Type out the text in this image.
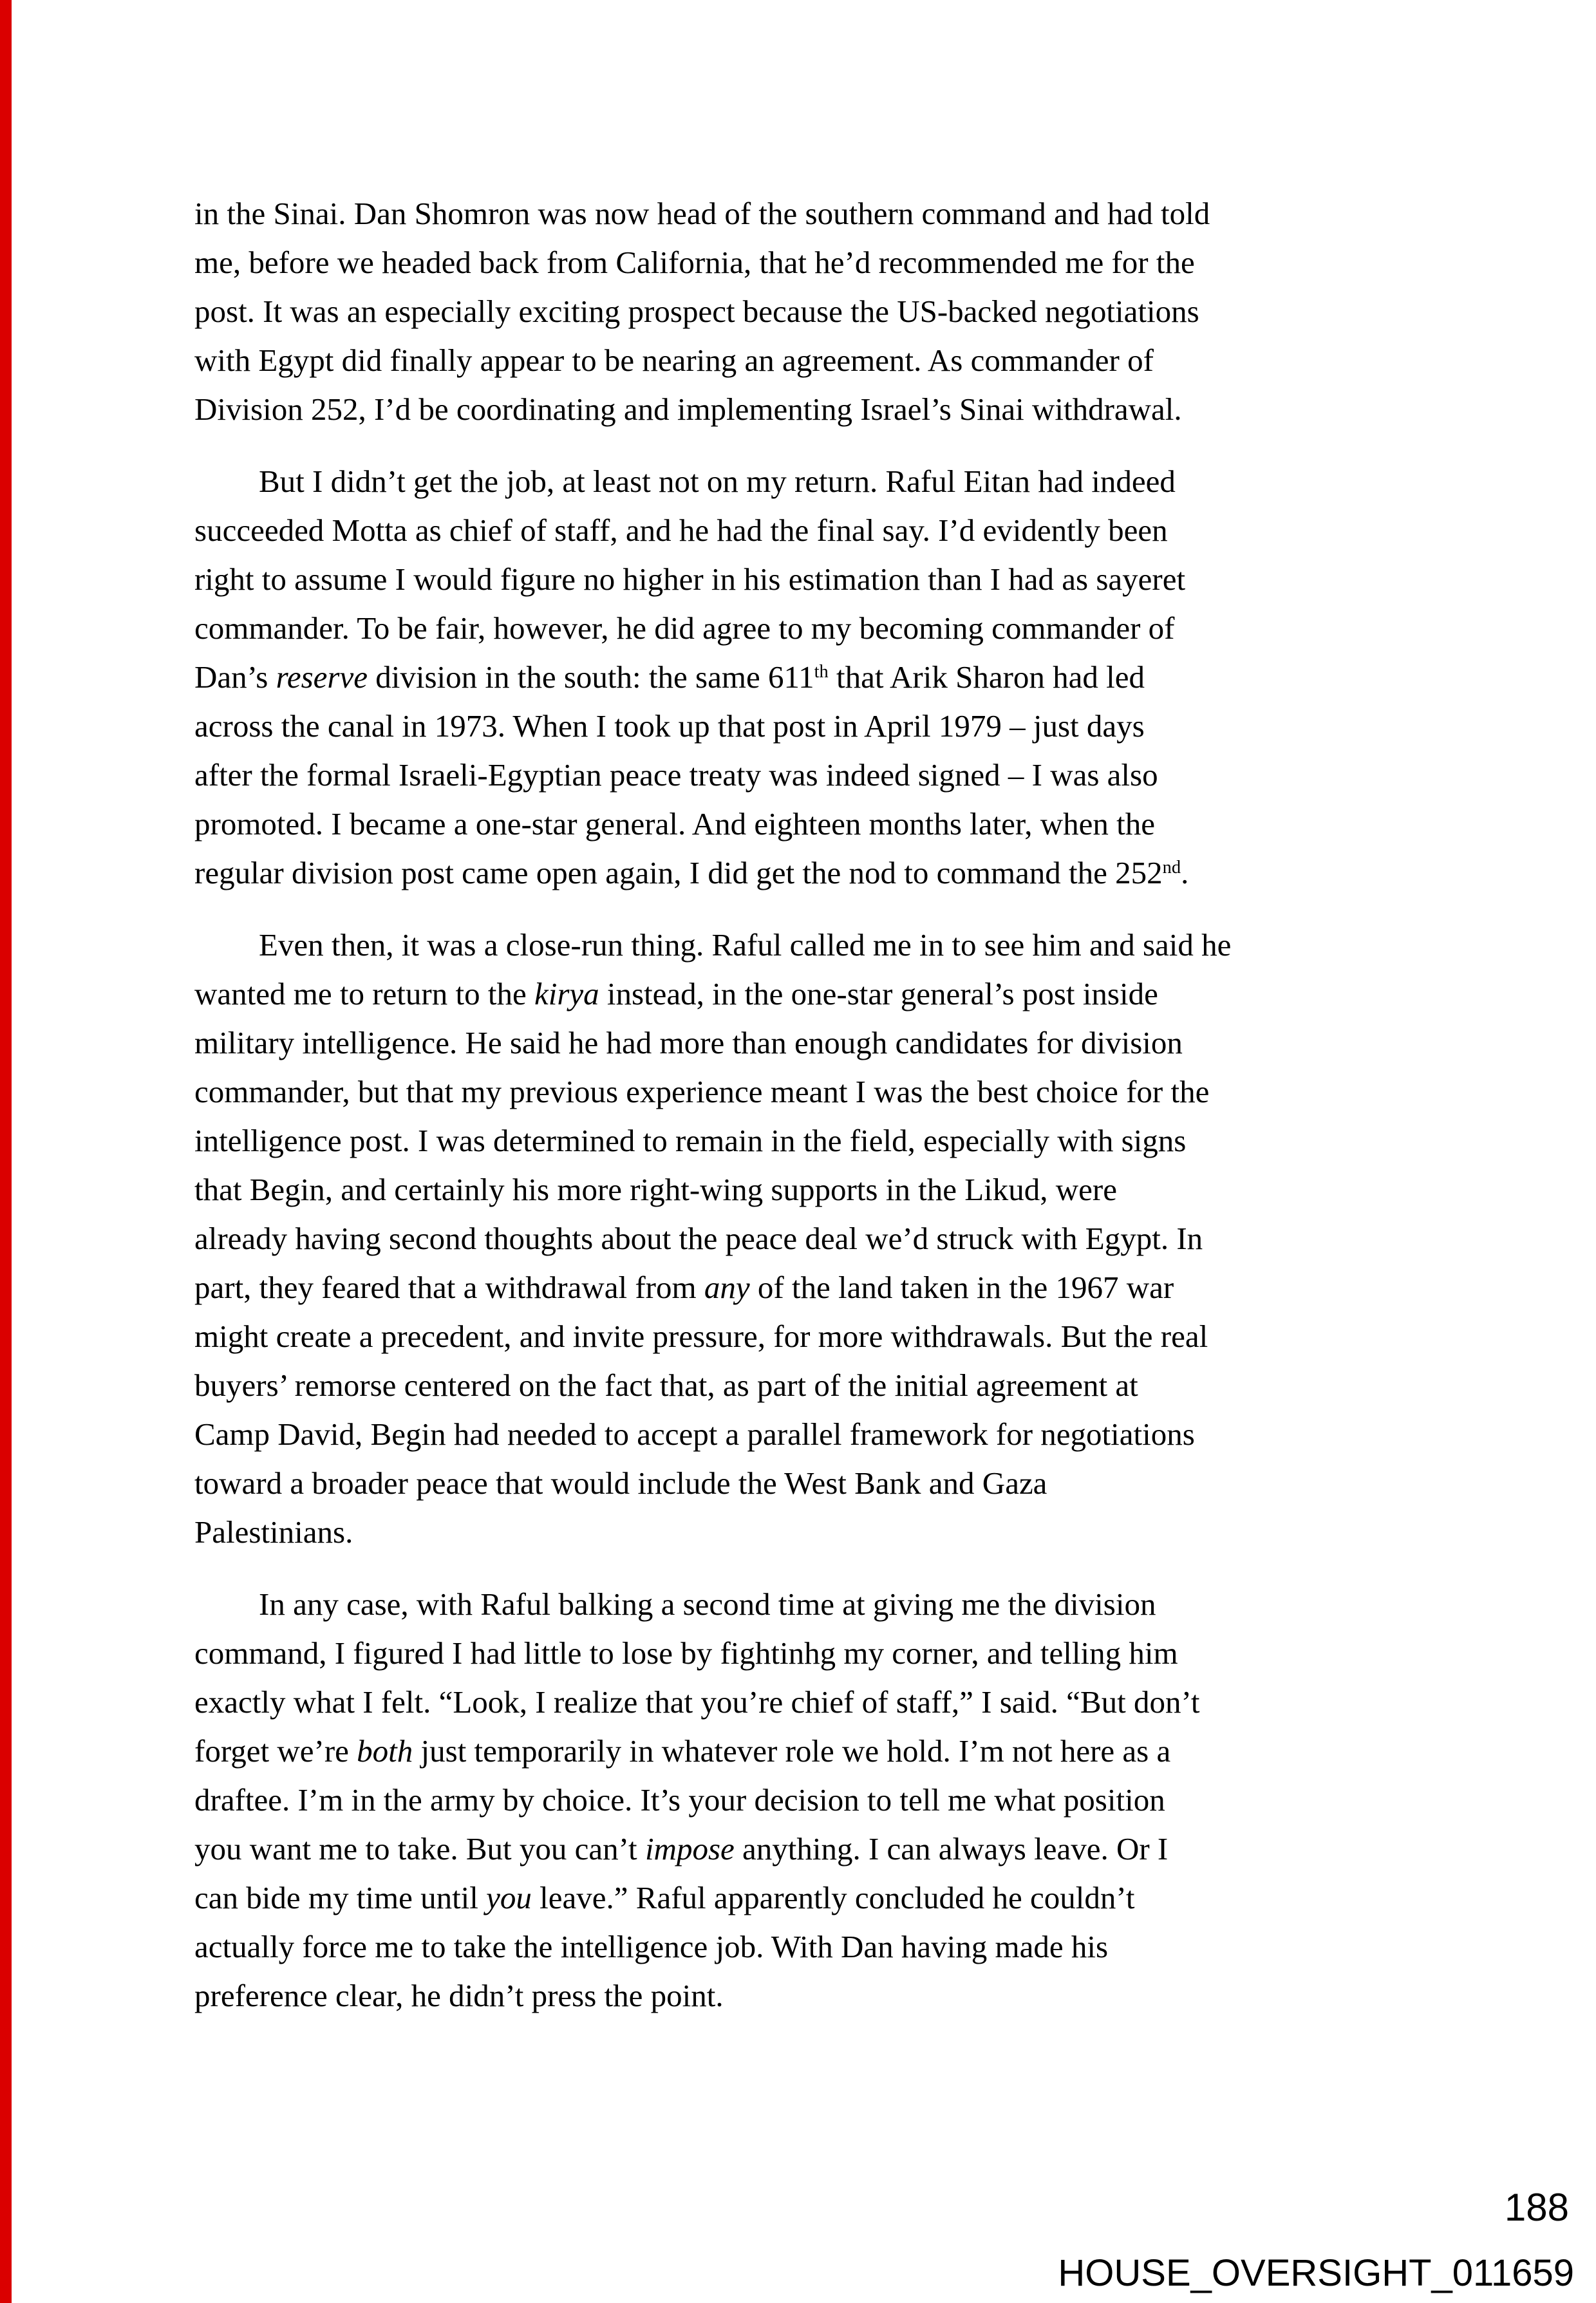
in the Sinai. Dan Shomron was now head of the southern command and had told
me, before we headed back from California, that he’d recommended me for the
post. It was an especially exciting prospect because the US-backed negotiations
with Egypt did finally appear to be nearing an agreement. As commander of
Division 252, I’d be coordinating and implementing Israel’s Sinai withdrawal.
But I didn’t get the job, at least not on my return. Raful Eitan had indeed
succeeded Motta as chief of staff, and he had the final say. I’d evidently been
right to assume I would figure no higher in his estimation than I had as sayeret
commander. To be fair, however, he did agree to my becoming commander of
Dan’s reserve division in the south: the same 611th that Arik Sharon had led
across the canal in 1973. When I took up that post in April 1979 – just days
after the formal Israeli-Egyptian peace treaty was indeed signed – I was also
promoted. I became a one-star general. And eighteen months later, when the
regular division post came open again, I did get the nod to command the 252nd.
Even then, it was a close-run thing. Raful called me in to see him and said he
wanted me to return to the kirya instead, in the one-star general’s post inside
military intelligence. He said he had more than enough candidates for division
commander, but that my previous experience meant I was the best choice for the
intelligence post. I was determined to remain in the field, especially with signs
that Begin, and certainly his more right-wing supports in the Likud, were
already having second thoughts about the peace deal we’d struck with Egypt. In
part, they feared that a withdrawal from any of the land taken in the 1967 war
might create a precedent, and invite pressure, for more withdrawals. But the real
buyers’ remorse centered on the fact that, as part of the initial agreement at
Camp David, Begin had needed to accept a parallel framework for negotiations
toward a broader peace that would include the West Bank and Gaza
Palestinians.
In any case, with Raful balking a second time at giving me the division
command, I figured I had little to lose by fightinhg my corner, and telling him
exactly what I felt. “Look, I realize that you’re chief of staff,” I said. “But don’t
forget we’re both just temporarily in whatever role we hold. I’m not here as a
draftee. I’m in the army by choice. It’s your decision to tell me what position
you want me to take. But you can’t impose anything. I can always leave. Or I
can bide my time until you leave.” Raful apparently concluded he couldn’t
actually force me to take the intelligence job. With Dan having made his
preference clear, he didn’t press the point.
188
HOUSE_OVERSIGHT_011659
